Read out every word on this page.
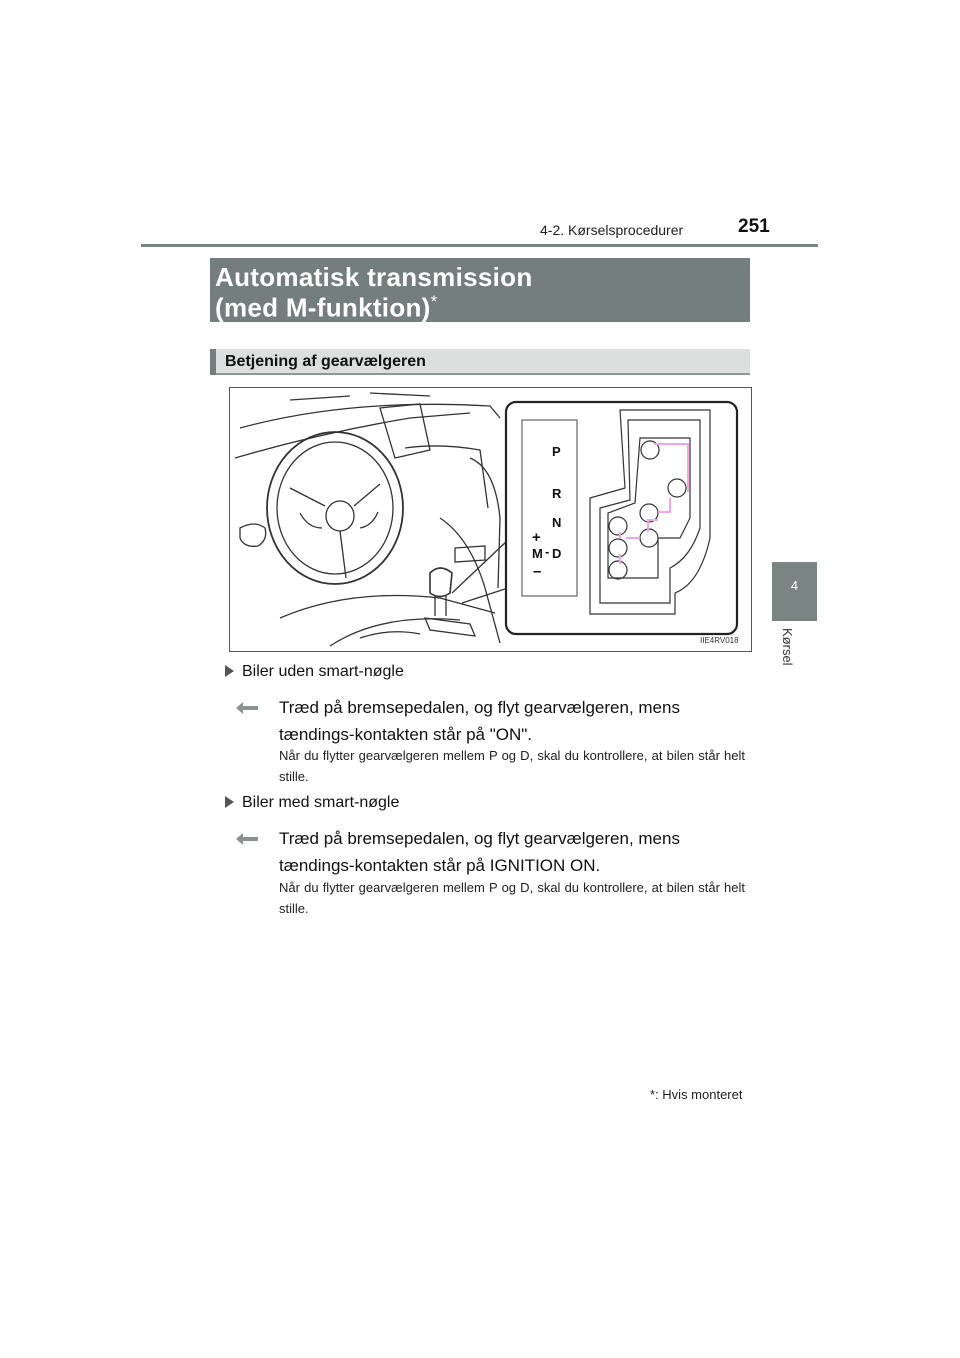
4-2. Kørselsprocedurer	251
4
Kørsel
Automatisk transmission
(med M-funktion)*
Betjening af gearvælgeren
P
R
N
+
M - D
–
IIE4RV018
Biler uden smart-nøgle
Træd på bremsepedalen, og flyt gearvælgeren, mens tændings-kontakten står på "ON".
Når du flytter gearvælgeren mellem P og D, skal du kontrollere, at bilen står helt stille.
Biler med smart-nøgle
Træd på bremsepedalen, og flyt gearvælgeren, mens tændings-kontakten står på IGNITION ON.
Når du flytter gearvælgeren mellem P og D, skal du kontrollere, at bilen står helt stille.
*: Hvis monteret
